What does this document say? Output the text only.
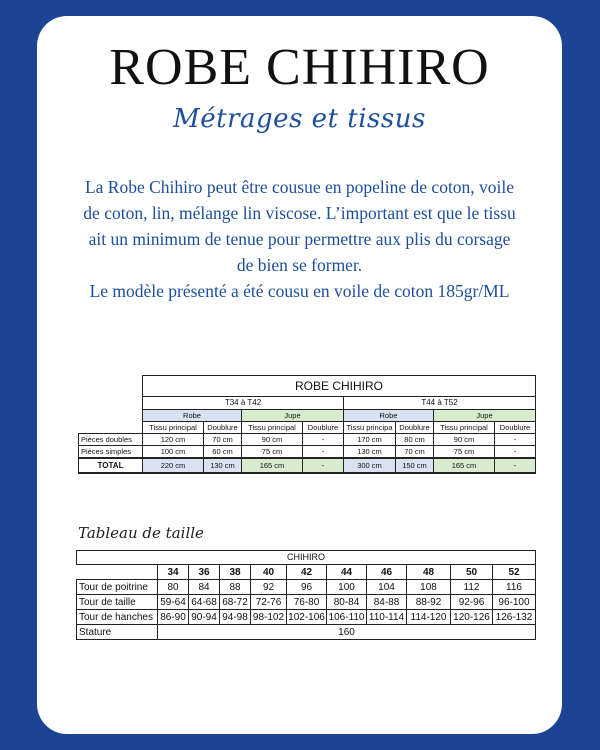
ROBE CHIHIRO
Métrages et tissus

La Robe Chihiro peut être cousue en popeline de coton, voile

de coton, lin, mélange lin viscose. L’important est que le tissu

ait un minimum de tenue pour permettre aux plis du corsage

de bien se former.

Le modèle présenté a été cousu en voile de coton 185gr/ML

	ROBE CHIHIRO							
	T34 à T42				T44 à T52			
	Robe		Jupe		Robe		Jupe	
	Tissu principal	Doublure	Tissu principal	Doublure	Tissu principa	Doublure	Tissu principal	Doublure
Pièces doubles	120 cm	70 cm	90 cm	-	170 cm	80 cm	90 cm	-
Pièces simples	100 cm	60 cm	75 cm	-	130 cm	70 cm	75 cm	-
TOTAL	220 cm	130 cm	165 cm	-	300 cm	150 cm	165 cm	-
Tableau de taille
CHIHIRO										
	34	36	38	40	42	44	46	48	50	52
Tour de poitrine	80	84	88	92	96	100	104	108	112	116
Tour de taille	59-64	64-68	68-72	72-76	76-80	80-84	84-88	88-92	92-96	96-100
Tour de hanches	86-90	90-94	94-98	98-102	102-106	106-110	110-114	114-120	120-126	126-132
Stature	160									
